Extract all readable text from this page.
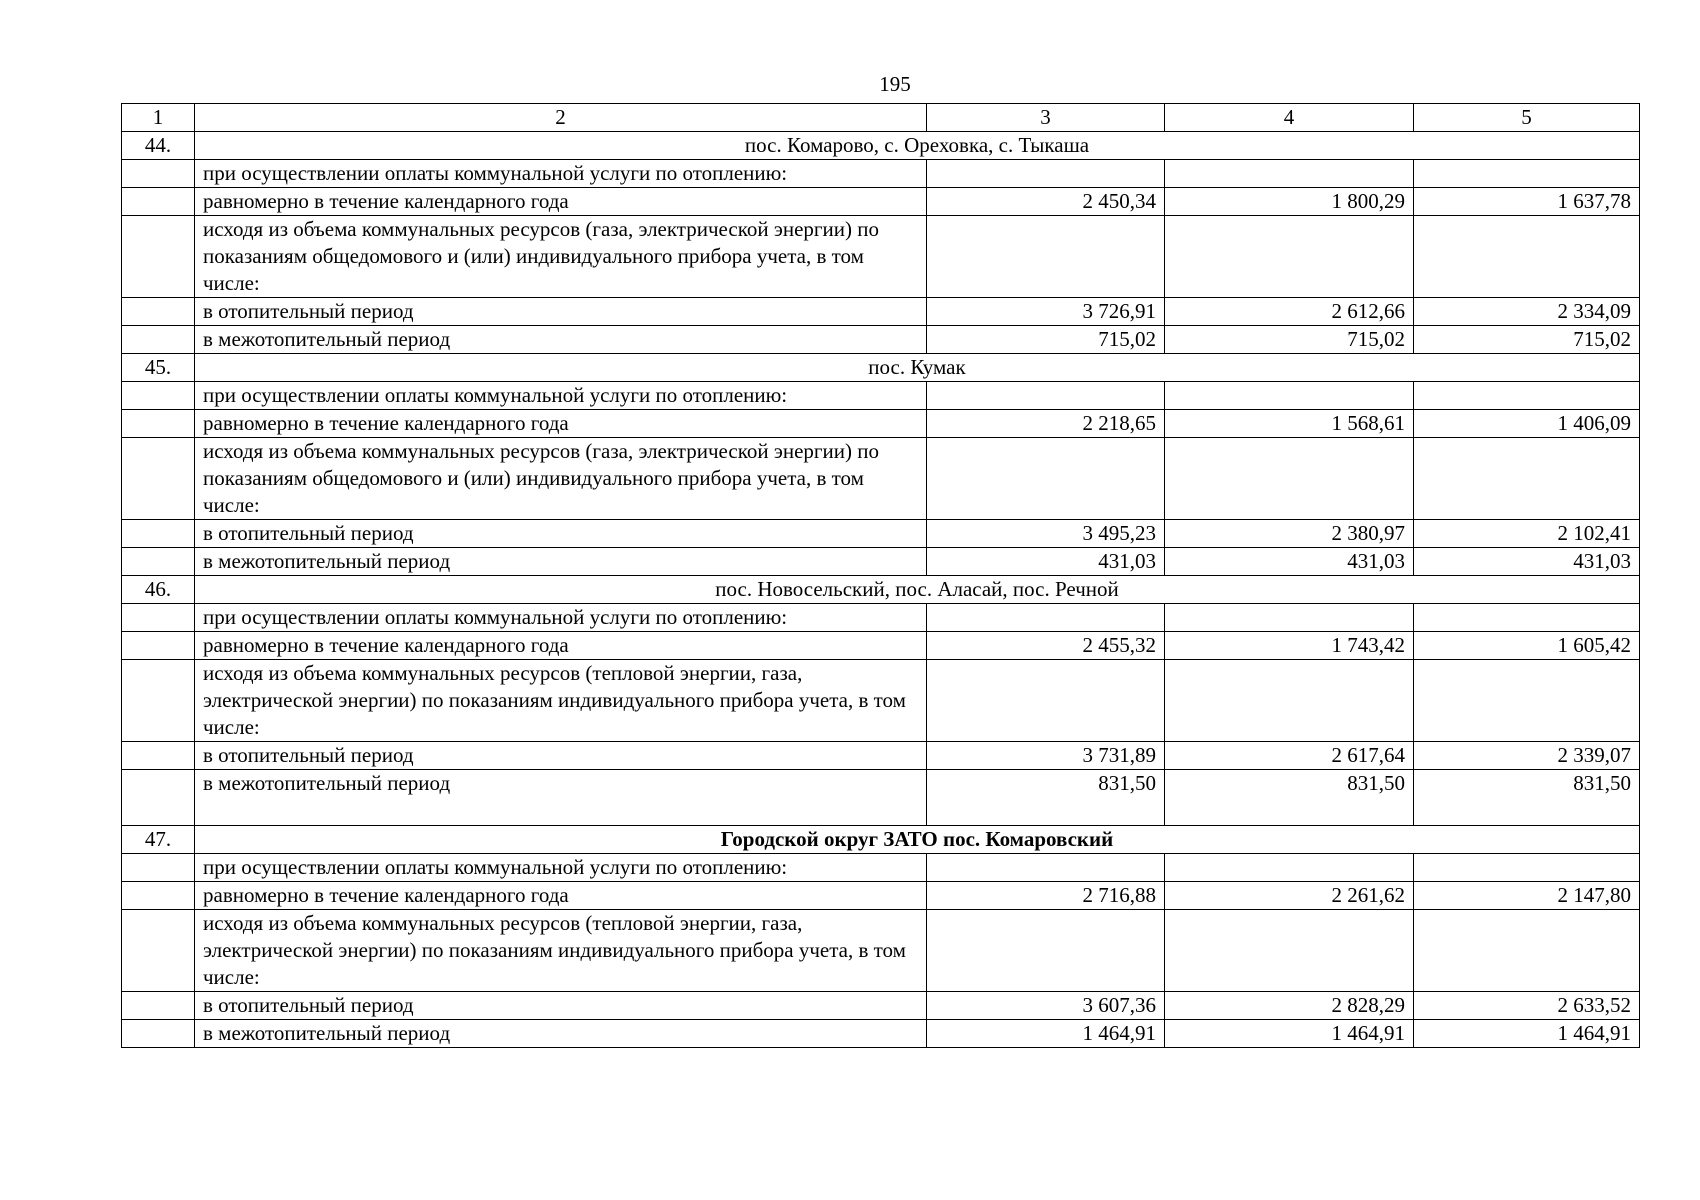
195
1	2	3	4	5
44.	пос. Комарово, с. Ореховка, с. Тыкаша			
	при осуществлении оплаты коммунальной услуги по отоплению:			
	равномерно в течение календарного года	2 450,34	1 800,29	1 637,78
	исходя из объема коммунальных ресурсов (газа, электрической энергии) по показаниям общедомового и (или) индивидуального прибора учета, в том числе:			
	в отопительный период	3 726,91	2 612,66	2 334,09
	в межотопительный период	715,02	715,02	715,02
45.	пос. Кумак			
	при осуществлении оплаты коммунальной услуги по отоплению:			
	равномерно в течение календарного года	2 218,65	1 568,61	1 406,09
	исходя из объема коммунальных ресурсов (газа, электрической энергии) по показаниям общедомового и (или) индивидуального прибора учета, в том числе:			
	в отопительный период	3 495,23	2 380,97	2 102,41
	в межотопительный период	431,03	431,03	431,03
46.	пос. Новосельский, пос. Аласай, пос. Речной			
	при осуществлении оплаты коммунальной услуги по отоплению:			
	равномерно в течение календарного года	2 455,32	1 743,42	1 605,42
	исходя из объема коммунальных ресурсов (тепловой энергии, газа, электрической энергии) по показаниям индивидуального прибора учета, в том числе:			
	в отопительный период	3 731,89	2 617,64	2 339,07
	в межотопительный период	831,50	831,50	831,50
47.	Городской округ ЗАТО пос. Комаровский			
	при осуществлении оплаты коммунальной услуги по отоплению:			
	равномерно в течение календарного года	2 716,88	2 261,62	2 147,80
	исходя из объема коммунальных ресурсов (тепловой энергии, газа, электрической энергии) по показаниям индивидуального прибора учета, в том числе:			
	в отопительный период	3 607,36	2 828,29	2 633,52
	в межотопительный период	1 464,91	1 464,91	1 464,91
